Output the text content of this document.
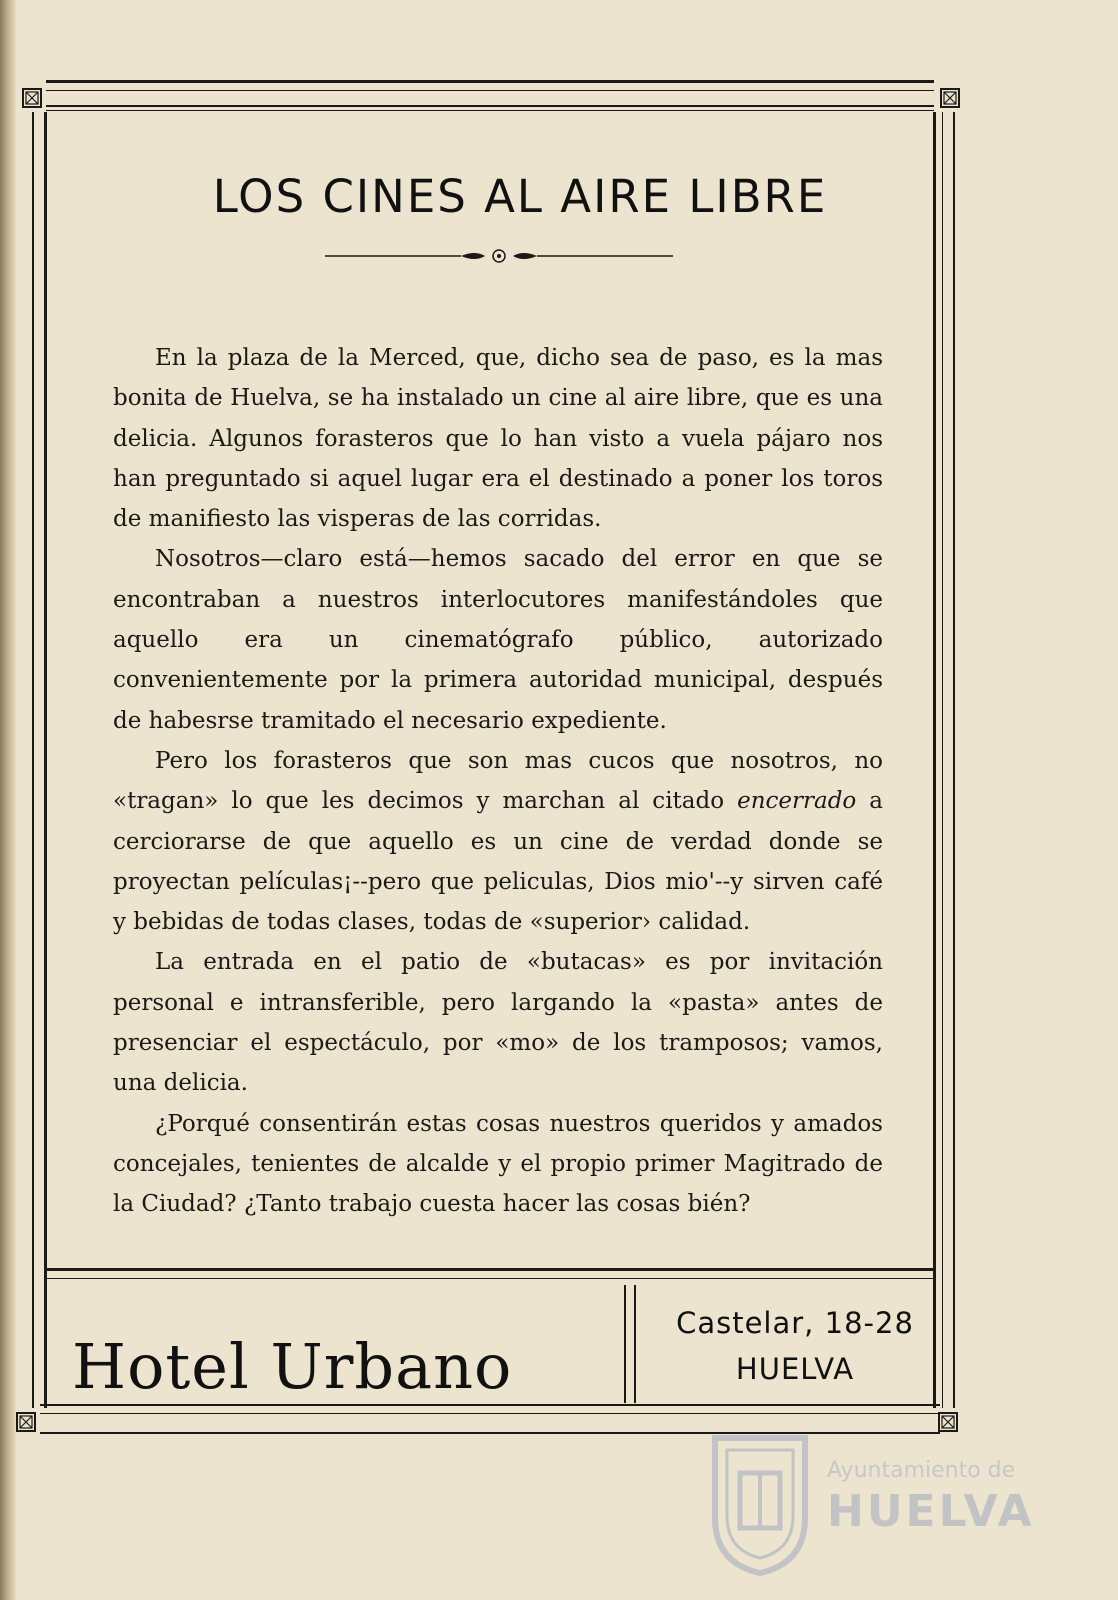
LOS CINES AL AIRE LIBRE

En la plaza de la Merced, que, dicho sea de paso, es la mas bonita de Huelva, se ha instalado un cine al aire libre, que es una delicia. Algunos forasteros que lo han visto a vuela pájaro nos han preguntado si aquel lugar era el destinado a poner los toros de manifiesto las visperas de las corridas.

Nosotros—claro está—hemos sacado del error en que se encontraban a nuestros interlocutores manifestándoles que aquello era un cinematógrafo público, autorizado convenientemente por la primera autoridad municipal, después de habesrse tramitado el necesario expediente.

Pero los forasteros que son mas cucos que nosotros, no «tragan» lo que les decimos y marchan al citado encerrado a cerciorarse de que aquello es un cine de verdad donde se proyectan películas¡--pero que peliculas, Dios mio'--y sirven café y bebidas de todas clases, todas de «superior› calidad.

La entrada en el patio de «butacas» es por invitación personal e intransferible, pero largando la «pasta» antes de presenciar el espectáculo, por «mo» de los tramposos; vamos, una delicia.

¿Porqué consentirán estas cosas nuestros queridos y amados concejales, tenientes de alcalde y el propio primer Magitrado de la Ciudad? ¿Tanto trabajo cuesta hacer las cosas bién?

Hotel Urbano
Castelar, 18-28
HUELVA
Ayuntamiento de
HUELVA
